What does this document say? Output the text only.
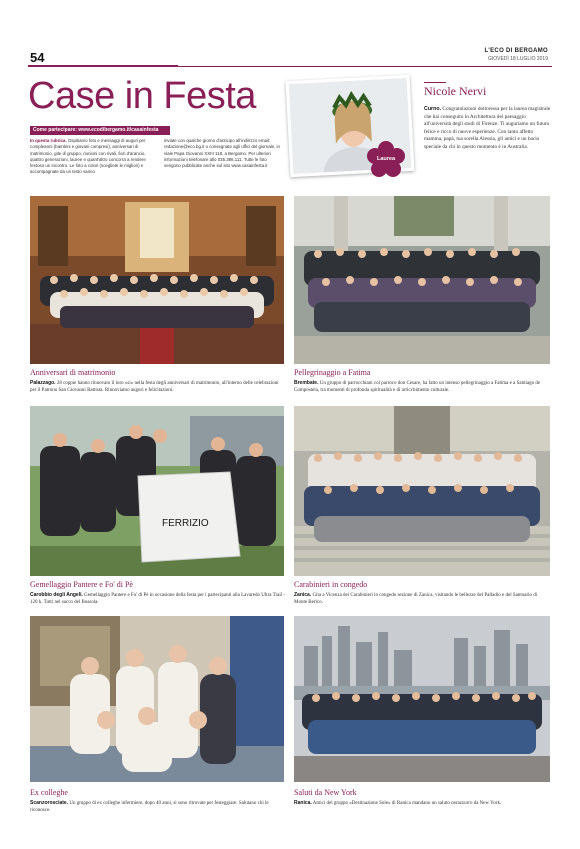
54	L'ECO DI BERGAMO
GIOVEDÌ 18 LUGLIO 2019
Case in Festa
Come partecipare: www.ecodibergamo.it/casainfesta
In questa rubrica. Ospitiamo foto e messaggi di auguri per compleanni (bambini e giovani compresi), anniversari di matrimonio, gite di gruppo, riunioni con rivali, fiori d'arancio, quattro generazioni, lauree e quant'altro concorra a rendere festoso un incontro. Le foto a colori (scegliete le migliori) e accompagnate da un testo vanno
inviate con qualche giorno d'anticipo all'indirizzo email: redazione@eco.bg.it o consegnate agli uffici del giornale, in viale Papa Giovanni XXIII 118, a Bergamo. Per ulteriori informazioni telefonare allo 035.386.111. Tutte le foto vengono pubblicate anche sul sito www.casainfesta.it
Laurea
Nicole Nervi
Curno. Congratulazioni dottoressa per la laurea magistrale che hai conseguito in Architettura del paesaggio all'università degli studi di Firenze. Ti auguriamo un futuro felice e ricco di nuove esperienze. Con tanto affetto mamma, papà, tua sorella Alessia, gli amici e un bacio speciale da chi in questo momento è in Australia.
Anniversari di matrimonio
Palazzago. 28 coppie hanno rinnovato il loro «sì» nella festa degli anniversari di matrimonio, all'interno delle celebrazioni per il Patrono San Giovanni Battista. Rinnoviamo auguri e felicitazioni.
Pellegrinaggio a Fatima
Brembate. Un gruppo di parrocchiani col parroco don Cesare, ha fatto un intenso pellegrinaggio a Fatima e a Santiago de Compostela, tra momenti di profonda spiritualità e di arricchimento culturale.
FERRIZIO
Gemellaggio Pantere e Fo' di Pè
Carobbio degli Angeli. Gemellaggio Pantere e Fo' di Pè in occasione della festa per i partecipanti alla Lavaredo Ultra Trail - 120 k. Tutti nel sacco del Bussola.
Carabinieri in congedo
Zanica. Gita a Vicenza dei Carabinieri in congedo sezione di Zanica, visitando le bellezze del Palladio e del Santuario di Monte Berico.
Ex colleghe
Scanzorosciate. Un gruppo di ex colleghe infermiere, dopo 40 anni, si sono ritrovate per festeggiare. Salutano chi le riconosce.
Saluti da New York
Ranica. Amici del gruppo «Destinazione Sole» di Ranica mandano un saluto nerazzurro da New York.
